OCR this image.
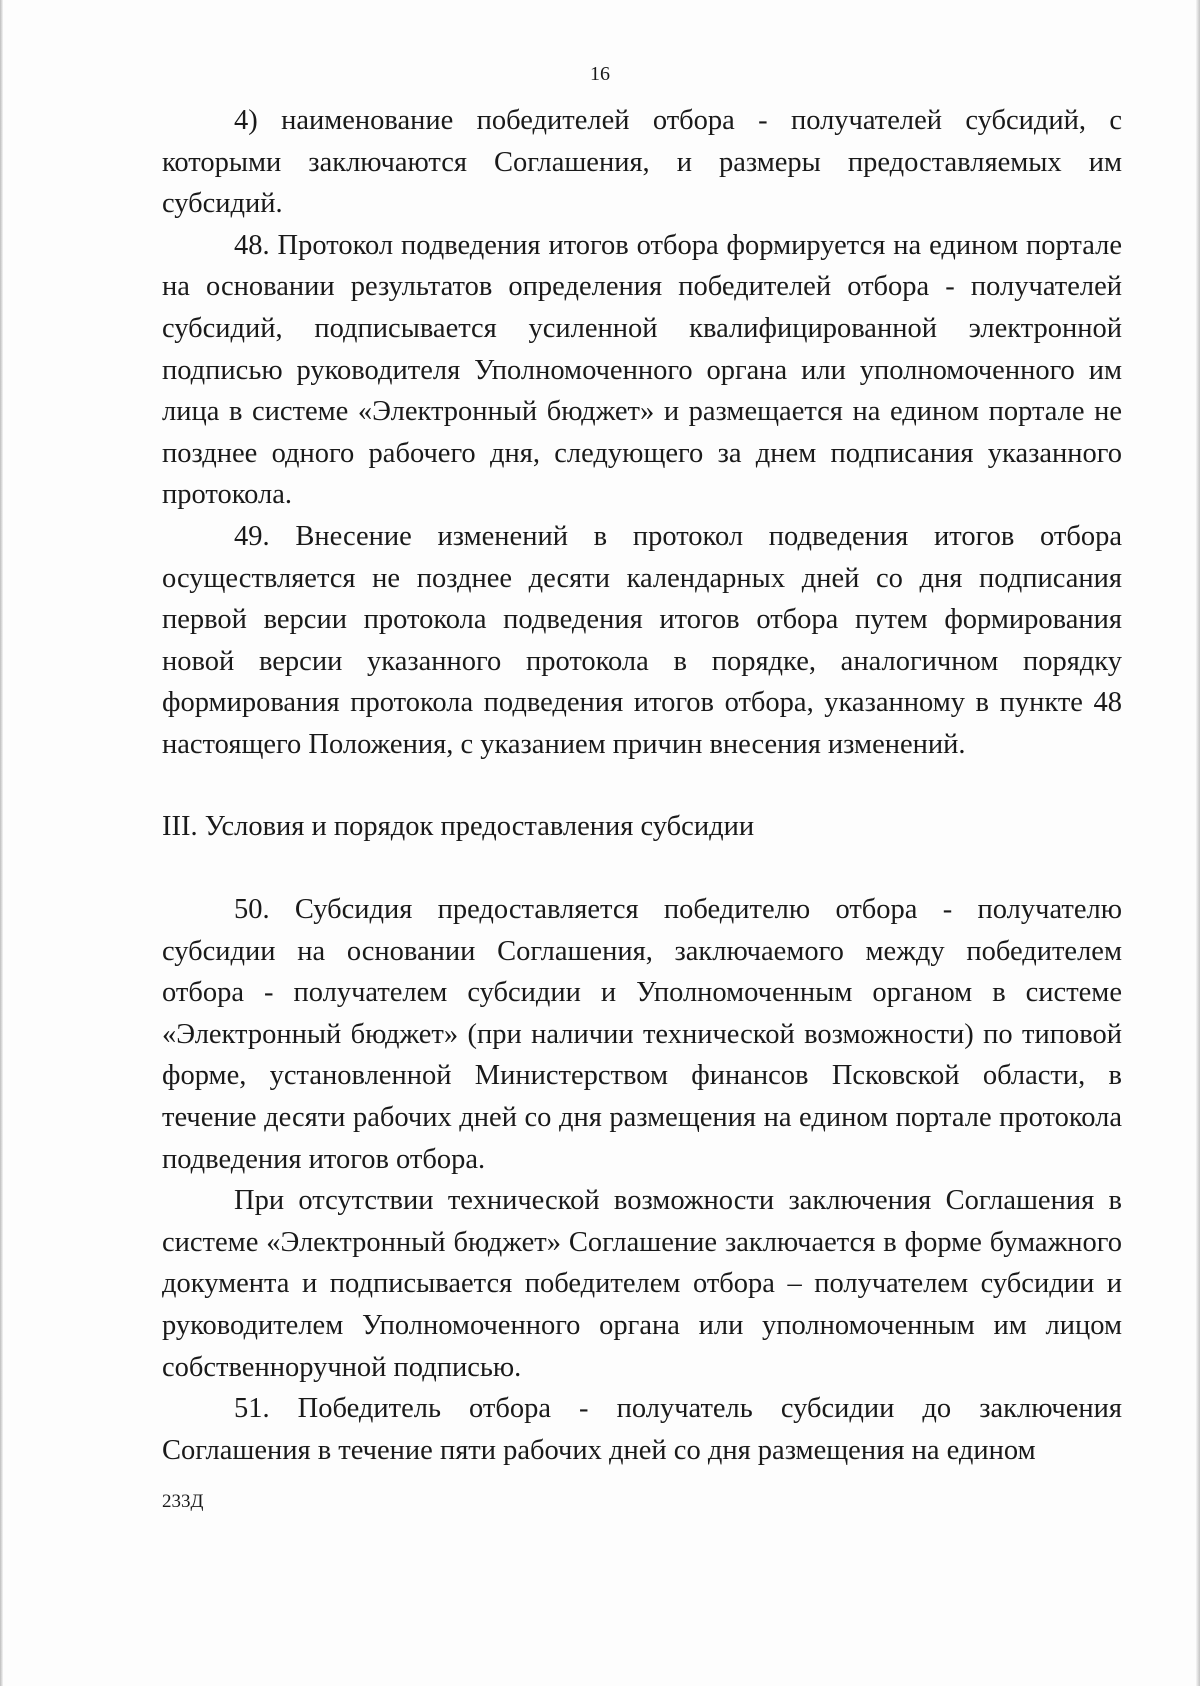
16

4) наименование победителей отбора - получателей субсидий, с которыми заключаются Соглашения, и размеры предоставляемых им субсидий.

48. Протокол подведения итогов отбора формируется на едином портале на основании результатов определения победителей отбора - получателей субсидий, подписывается усиленной квалифицированной электронной подписью руководителя Уполномоченного органа или уполномоченного им лица в системе «Электронный бюджет» и размещается на едином портале не позднее одного рабочего дня, следующего за днем подписания указанного протокола.

49. Внесение изменений в протокол подведения итогов отбора осуществляется не позднее десяти календарных дней со дня подписания первой версии протокола подведения итогов отбора путем формирования новой версии указанного протокола в порядке, аналогичном порядку формирования протокола подведения итогов отбора, указанному в пункте 48 настоящего Положения, с указанием причин внесения изменений.

III. Условия и порядок предоставления субсидии

50. Субсидия предоставляется победителю отбора - получателю субсидии на основании Соглашения, заключаемого между победителем отбора - получателем субсидии и Уполномоченным органом в системе «Электронный бюджет» (при наличии технической возможности) по типовой форме, установленной Министерством финансов Псковской области, в течение десяти рабочих дней со дня размещения на едином портале протокола подведения итогов отбора.

При отсутствии технической возможности заключения Соглашения в системе «Электронный бюджет» Соглашение заключается в форме бумажного документа и подписывается победителем отбора – получателем субсидии и руководителем Уполномоченного органа или уполномоченным им лицом собственноручной подписью.

51. Победитель отбора - получатель субсидии до заключения Соглашения в течение пяти рабочих дней со дня размещения на едином

233Д
